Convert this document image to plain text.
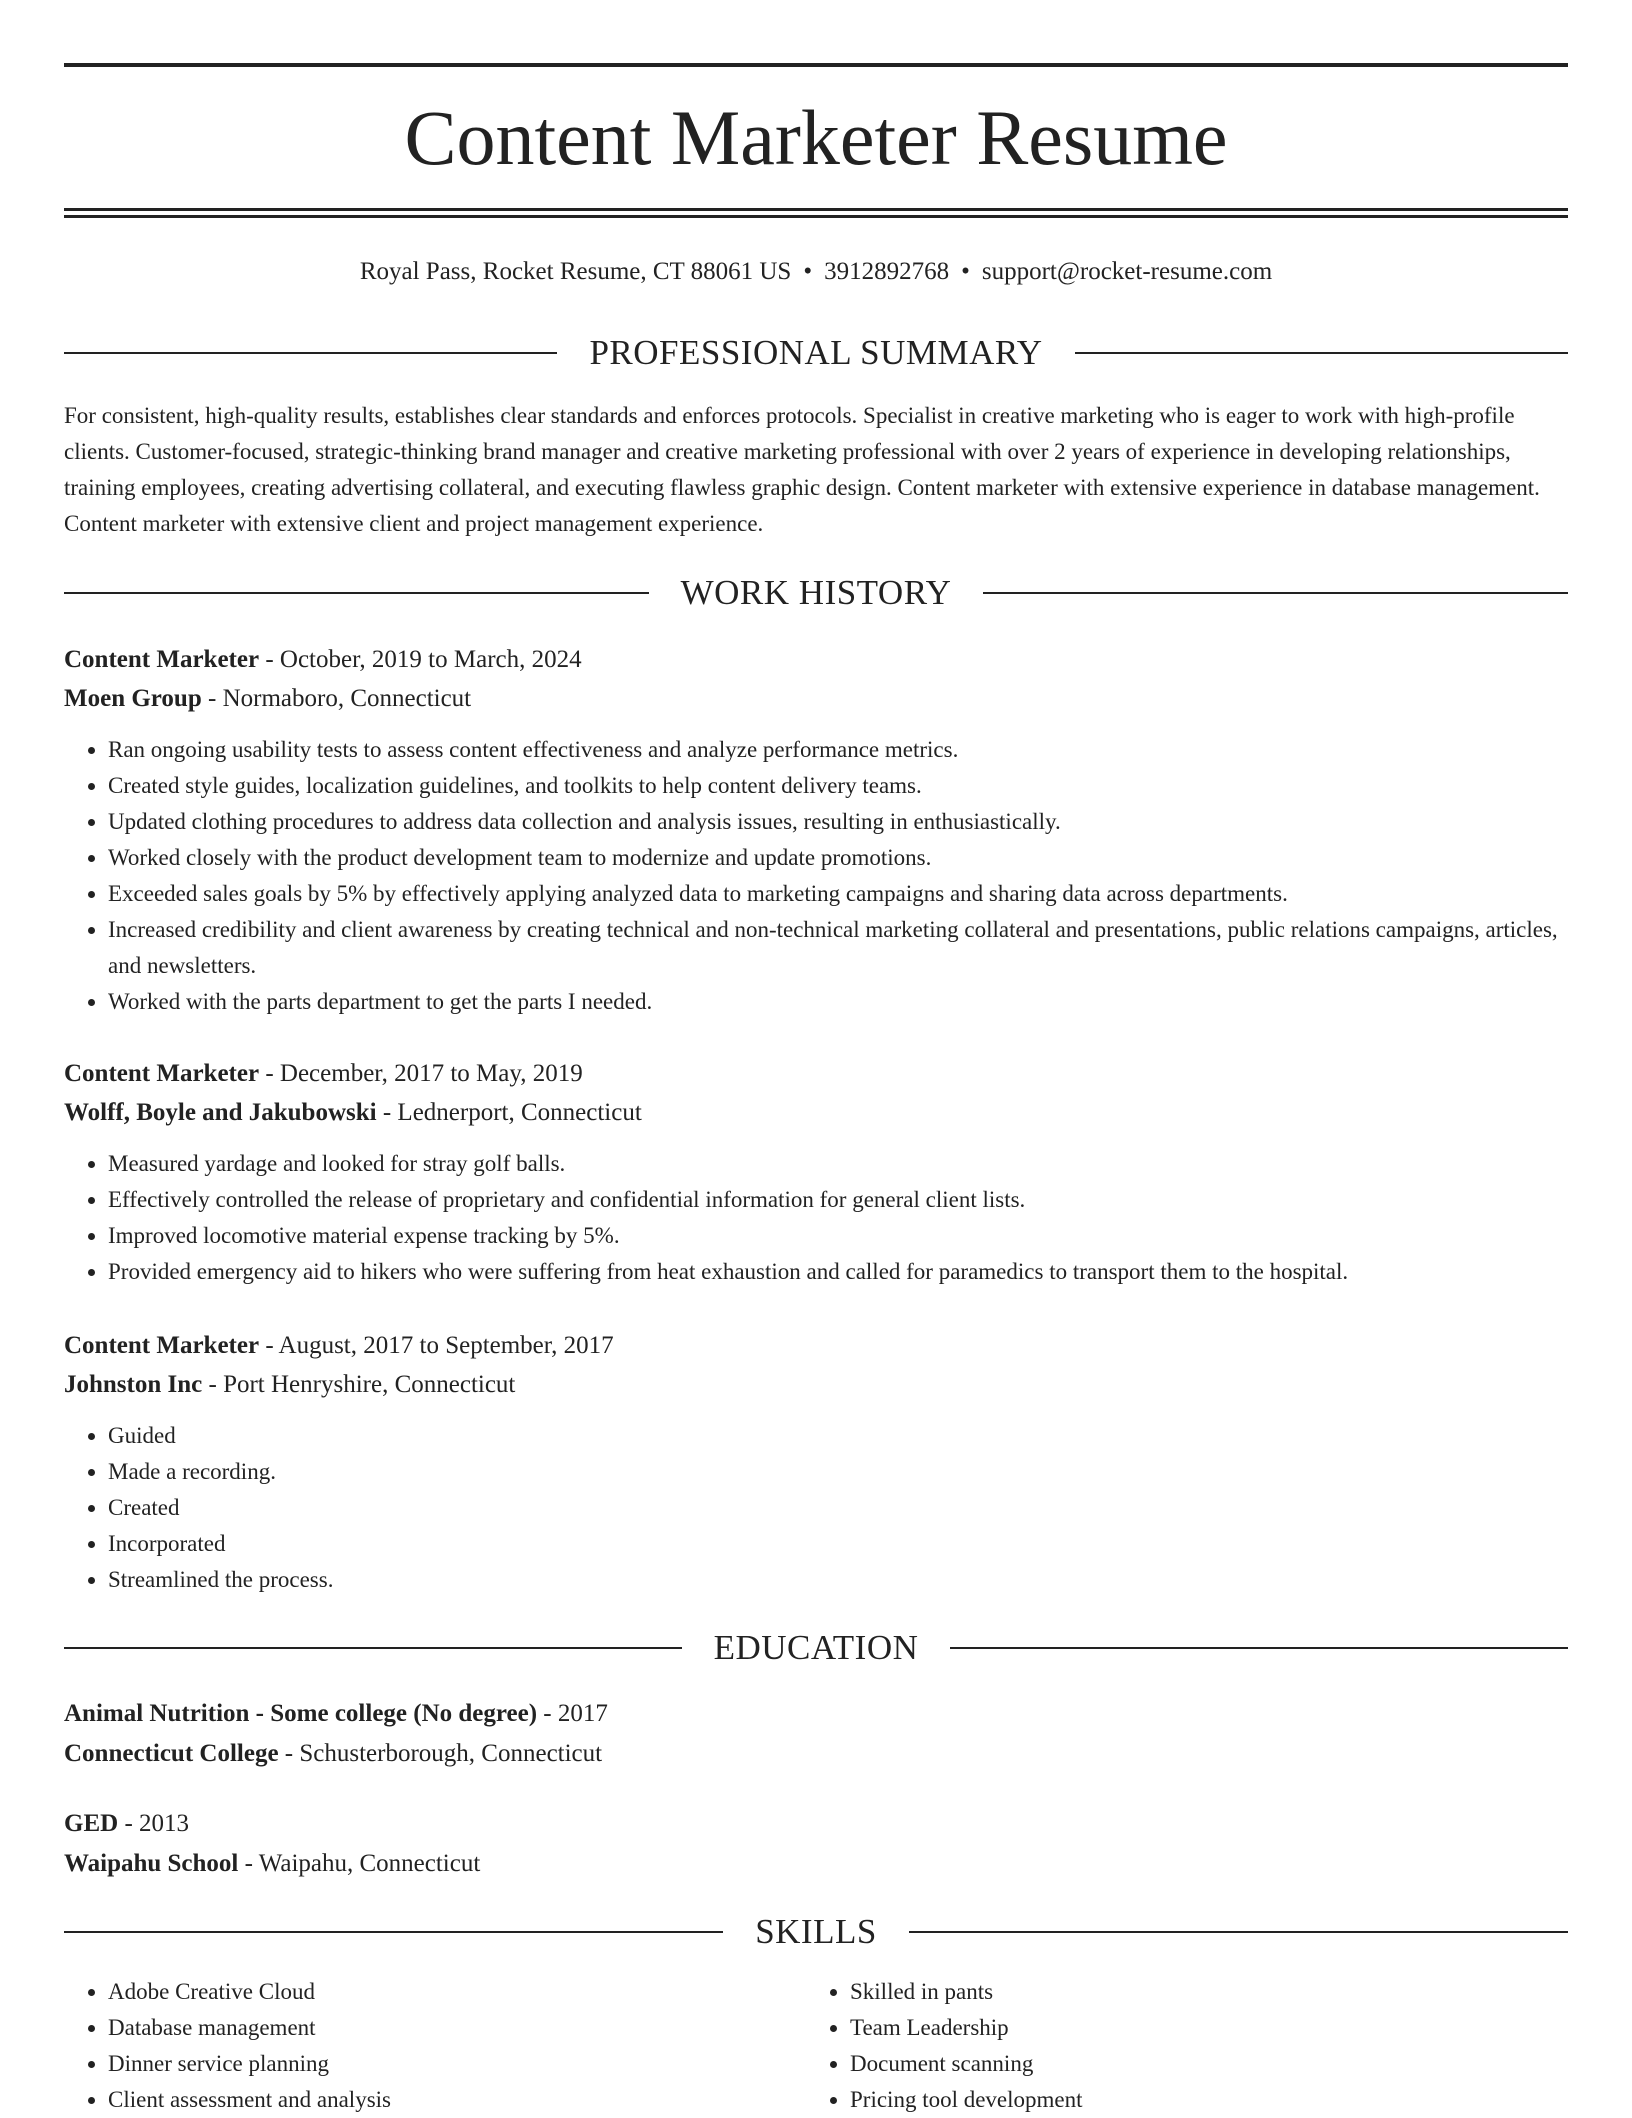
Content Marketer Resume
Royal Pass, Rocket Resume, CT 88061 US • 3912892768 • support@rocket-resume.com
PROFESSIONAL SUMMARY

For consistent, high-quality results, establishes clear standards and enforces protocols. Specialist in creative marketing who is eager to work with high-profile clients. Customer-focused, strategic-thinking brand manager and creative marketing professional with over 2 years of experience in developing relationships, training employees, creating advertising collateral, and executing flawless graphic design. Content marketer with extensive experience in database management. Content marketer with extensive client and project management experience.

WORK HISTORY

Content Marketer - October, 2019 to March, 2024

Moen Group - Normaboro, Connecticut

• Ran ongoing usability tests to assess content effectiveness and analyze performance metrics.
• Created style guides, localization guidelines, and toolkits to help content delivery teams.
• Updated clothing procedures to address data collection and analysis issues, resulting in enthusiastically.
• Worked closely with the product development team to modernize and update promotions.
• Exceeded sales goals by 5% by effectively applying analyzed data to marketing campaigns and sharing data across departments.
• Increased credibility and client awareness by creating technical and non-technical marketing collateral and presentations, public relations campaigns, articles, and newsletters.
• Worked with the parts department to get the parts I needed.

Content Marketer - December, 2017 to May, 2019

Wolff, Boyle and Jakubowski - Lednerport, Connecticut

• Measured yardage and looked for stray golf balls.
• Effectively controlled the release of proprietary and confidential information for general client lists.
• Improved locomotive material expense tracking by 5%.
• Provided emergency aid to hikers who were suffering from heat exhaustion and called for paramedics to transport them to the hospital.

Content Marketer - August, 2017 to September, 2017

Johnston Inc - Port Henryshire, Connecticut

• Guided
• Made a recording.
• Created
• Incorporated
• Streamlined the process.
EDUCATION

Animal Nutrition - Some college (No degree) - 2017

Connecticut College - Schusterborough, Connecticut

GED - 2013

Waipahu School - Waipahu, Connecticut

SKILLS
• Adobe Creative Cloud
• Database management
• Dinner service planning
• Client assessment and analysis
• Skilled in pants
• Team Leadership
• Document scanning
• Pricing tool development
